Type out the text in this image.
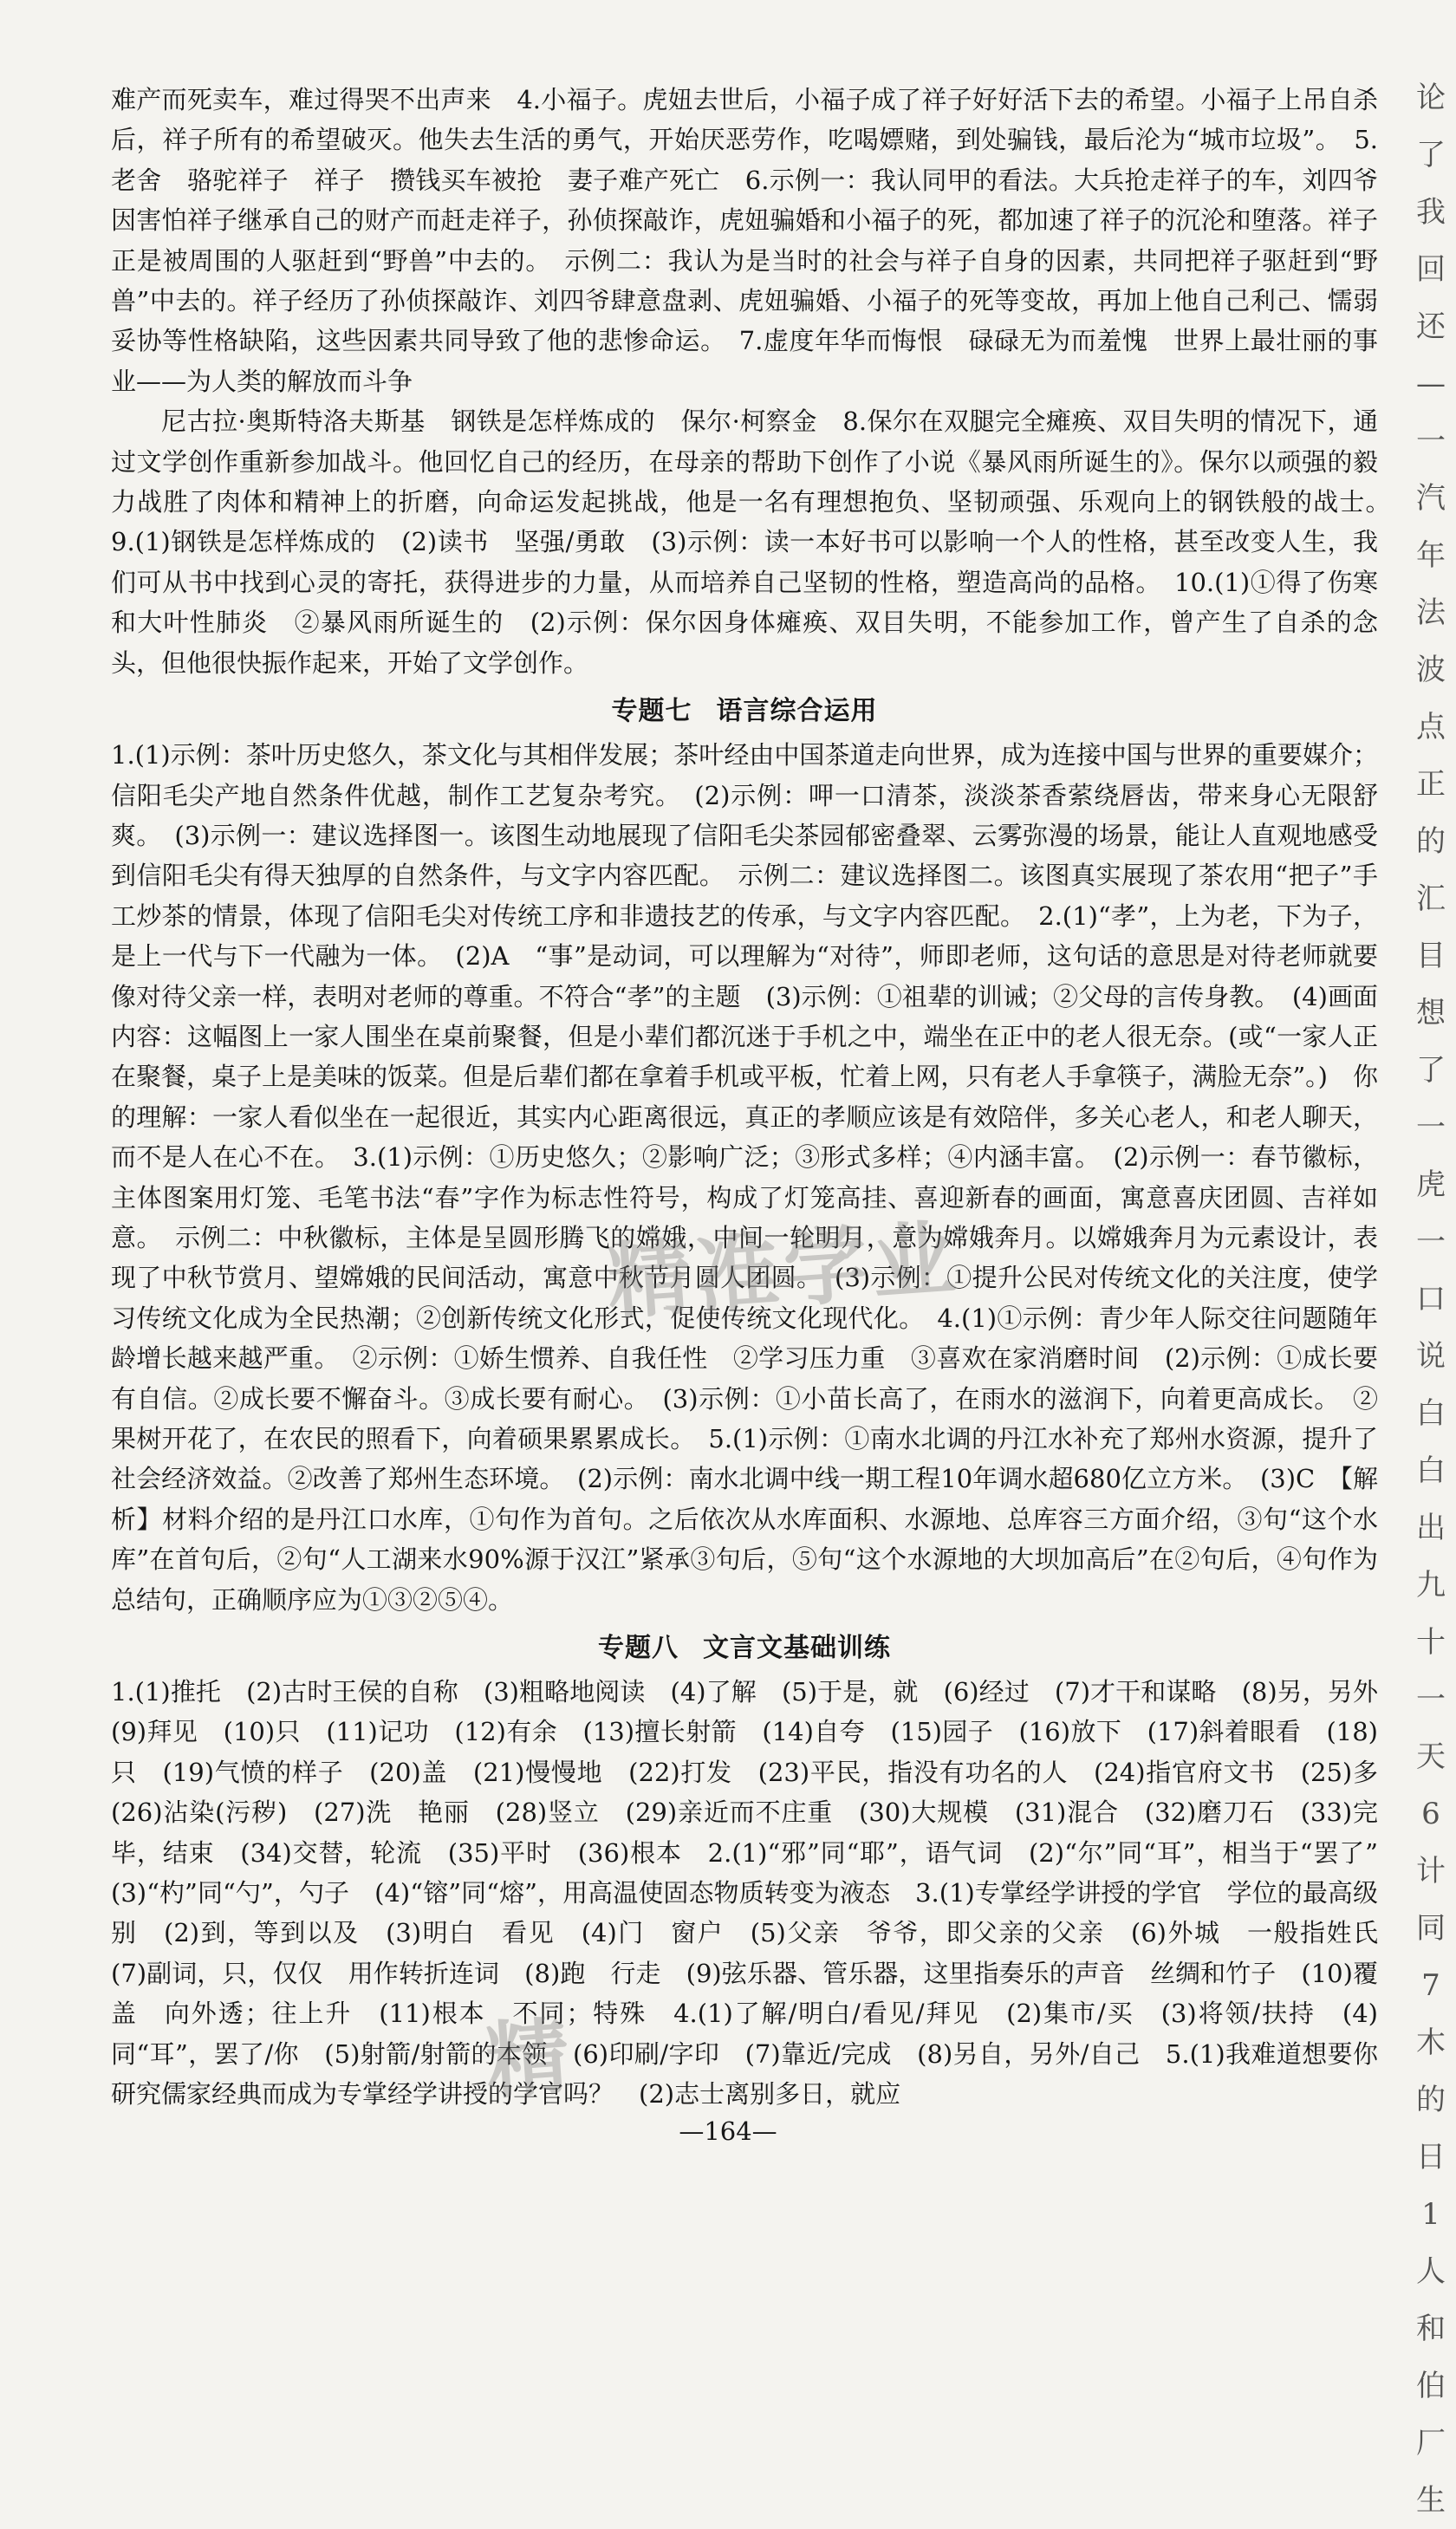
难产而死卖车，难过得哭不出声来　4.小福子。虎妞去世后，小福子成了祥子好好活下去的希望。小福子上吊自杀后，祥子所有的希望破灭。他失去生活的勇气，开始厌恶劳作，吃喝嫖赌，到处骗钱，最后沦为“城市垃圾”。　5.老舍　骆驼祥子　祥子　攒钱买车被抢　妻子难产死亡　6.示例一：我认同甲的看法。大兵抢走祥子的车，刘四爷因害怕祥子继承自己的财产而赶走祥子，孙侦探敲诈，虎妞骗婚和小福子的死，都加速了祥子的沉沦和堕落。祥子正是被周围的人驱赶到“野兽”中去的。　示例二：我认为是当时的社会与祥子自身的因素，共同把祥子驱赶到“野兽”中去的。祥子经历了孙侦探敲诈、刘四爷肆意盘剥、虎妞骗婚、小福子的死等变故，再加上他自己利己、懦弱妥协等性格缺陷，这些因素共同导致了他的悲惨命运。　7.虚度年华而悔恨　碌碌无为而羞愧　世界上最壮丽的事业——为人类的解放而斗争

尼古拉·奥斯特洛夫斯基　钢铁是怎样炼成的　保尔·柯察金　8.保尔在双腿完全瘫痪、双目失明的情况下，通过文学创作重新参加战斗。他回忆自己的经历，在母亲的帮助下创作了小说《暴风雨所诞生的》。保尔以顽强的毅力战胜了肉体和精神上的折磨，向命运发起挑战，他是一名有理想抱负、坚韧顽强、乐观向上的钢铁般的战士。　9.(1)钢铁是怎样炼成的　(2)读书　坚强/勇敢　(3)示例：读一本好书可以影响一个人的性格，甚至改变人生，我们可从书中找到心灵的寄托，获得进步的力量，从而培养自己坚韧的性格，塑造高尚的品格。　10.(1)①得了伤寒和大叶性肺炎　②暴风雨所诞生的　(2)示例：保尔因身体瘫痪、双目失明，不能参加工作，曾产生了自杀的念头，但他很快振作起来，开始了文学创作。

专题七 语言综合运用

1.(1)示例：茶叶历史悠久，茶文化与其相伴发展；茶叶经由中国茶道走向世界，成为连接中国与世界的重要媒介；信阳毛尖产地自然条件优越，制作工艺复杂考究。　(2)示例：呷一口清茶，淡淡茶香萦绕唇齿，带来身心无限舒爽。　(3)示例一：建议选择图一。该图生动地展现了信阳毛尖茶园郁密叠翠、云雾弥漫的场景，能让人直观地感受到信阳毛尖有得天独厚的自然条件，与文字内容匹配。　示例二：建议选择图二。该图真实展现了茶农用“把子”手工炒茶的情景，体现了信阳毛尖对传统工序和非遗技艺的传承，与文字内容匹配。　2.(1)“孝”，上为老，下为子，是上一代与下一代融为一体。　(2)A　“事”是动词，可以理解为“对待”，师即老师，这句话的意思是对待老师就要像对待父亲一样，表明对老师的尊重。不符合“孝”的主题　(3)示例：①祖辈的训诫；②父母的言传身教。　(4)画面内容：这幅图上一家人围坐在桌前聚餐，但是小辈们都沉迷于手机之中，端坐在正中的老人很无奈。(或“一家人正在聚餐，桌子上是美味的饭菜。但是后辈们都在拿着手机或平板，忙着上网，只有老人手拿筷子，满脸无奈”。)　你的理解：一家人看似坐在一起很近，其实内心距离很远，真正的孝顺应该是有效陪伴，多关心老人，和老人聊天，而不是人在心不在。　3.(1)示例：①历史悠久；②影响广泛；③形式多样；④内涵丰富。　(2)示例一：春节徽标，主体图案用灯笼、毛笔书法“春”字作为标志性符号，构成了灯笼高挂、喜迎新春的画面，寓意喜庆团圆、吉祥如意。　示例二：中秋徽标，主体是呈圆形腾飞的嫦娥，中间一轮明月，意为嫦娥奔月。以嫦娥奔月为元素设计，表现了中秋节赏月、望嫦娥的民间活动，寓意中秋节月圆人团圆。　(3)示例：①提升公民对传统文化的关注度，使学习传统文化成为全民热潮；②创新传统文化形式，促使传统文化现代化。　4.(1)①示例：青少年人际交往问题随年龄增长越来越严重。　②示例：①娇生惯养、自我任性　②学习压力重　③喜欢在家消磨时间　(2)示例：①成长要有自信。②成长要不懈奋斗。③成长要有耐心。　(3)示例：①小苗长高了，在雨水的滋润下，向着更高成长。　②果树开花了，在农民的照看下，向着硕果累累成长。　5.(1)示例：①南水北调的丹江水补充了郑州水资源，提升了社会经济效益。②改善了郑州生态环境。　(2)示例：南水北调中线一期工程10年调水超680亿立方米。　(3)C　【解析】材料介绍的是丹江口水库，①句作为首句。之后依次从水库面积、水源地、总库容三方面介绍，③句“这个水库”在首句后，②句“人工湖来水90%源于汉江”紧承③句后，⑤句“这个水源地的大坝加高后”在②句后，④句作为总结句，正确顺序应为①③②⑤④。

专题八 文言文基础训练

1.(1)推托　(2)古时王侯的自称　(3)粗略地阅读　(4)了解　(5)于是，就　(6)经过　(7)才干和谋略　(8)另，另外　(9)拜见　(10)只　(11)记功　(12)有余　(13)擅长射箭　(14)自夸　(15)园子　(16)放下　(17)斜着眼看　(18)只　(19)气愤的样子　(20)盖　(21)慢慢地　(22)打发　(23)平民，指没有功名的人　(24)指官府文书　(25)多　(26)沾染(污秽)　(27)洗　艳丽　(28)竖立　(29)亲近而不庄重　(30)大规模　(31)混合　(32)磨刀石　(33)完毕，结束　(34)交替，轮流　(35)平时　(36)根本　2.(1)“邪”同“耶”，语气词　(2)“尔”同“耳”，相当于“罢了”　(3)“杓”同“勺”，勺子　(4)“镕”同“熔”，用高温使固态物质转变为液态　3.(1)专掌经学讲授的学官　学位的最高级别　(2)到，等到以及　(3)明白　看见　(4)门　窗户　(5)父亲　爷爷，即父亲的父亲　(6)外城　一般指姓氏　(7)副词，只，仅仅　用作转折连词　(8)跑　行走　(9)弦乐器、管乐器，这里指奏乐的声音　丝绸和竹子　(10)覆盖　向外透；往上升　(11)根本　不同；特殊　4.(1)了解/明白/看见/拜见　(2)集市/买　(3)将领/扶持　(4)同“耳”，罢了/你　(5)射箭/射箭的本领　(6)印刷/字印　(7)靠近/完成　(8)另自，另外/自己　5.(1)我难道想要你研究儒家经典而成为专掌经学讲授的学官吗？　(2)志士离别多日，就应

—164—
论
了
我
回
还
—
一
汽
年
法
波
点
正
的
汇
目
想
了
一
虎
一
口
说
白
白
出
九
十
一
天
6
计
同
7
木
的
日
1
人
和
伯
厂
生
精准学业
精
